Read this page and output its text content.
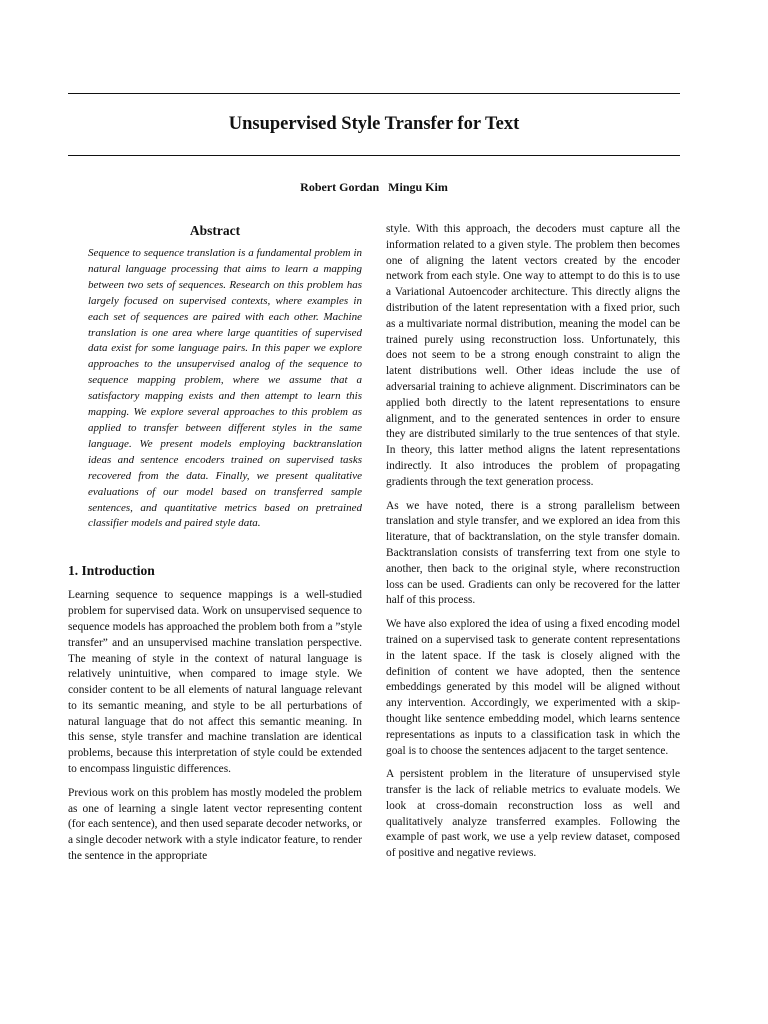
Unsupervised Style Transfer for Text
Robert Gordan Mingu Kim
Abstract

Sequence to sequence translation is a fundamental problem in natural language processing that aims to learn a mapping between two sets of sequences. Research on this problem has largely focused on supervised contexts, where examples in each set of sequences are paired with each other. Machine translation is one area where large quantities of supervised data exist for some language pairs. In this paper we explore approaches to the unsupervised analog of the sequence to sequence mapping problem, where we assume that a satisfactory mapping exists and then attempt to learn this mapping. We explore several approaches to this problem as applied to transfer between different styles in the same language. We present models employing backtranslation ideas and sentence encoders trained on supervised tasks recovered from the data. Finally, we present qualitative evaluations of our model based on transferred sample sentences, and quantitative metrics based on pretrained classifier models and paired style data.

1. Introduction

Learning sequence to sequence mappings is a well-studied problem for supervised data. Work on unsupervised sequence to sequence models has approached the problem both from a ”style transfer” and an unsupervised machine translation perspective. The meaning of style in the context of natural language is relatively unintuitive, when compared to image style. We consider content to be all elements of natural language relevant to its semantic meaning, and style to be all perturbations of natural language that do not affect this semantic meaning. In this sense, style transfer and machine translation are identical problems, because this interpretation of style could be extended to encompass linguistic differences.

Previous work on this problem has mostly modeled the problem as one of learning a single latent vector representing content (for each sentence), and then used separate decoder networks, or a single decoder network with a style indicator feature, to render the sentence in the appropriate

style. With this approach, the decoders must capture all the information related to a given style. The problem then becomes one of aligning the latent vectors created by the encoder network from each style. One way to attempt to do this is to use a Variational Autoencoder architecture. This directly aligns the distribution of the latent representation with a fixed prior, such as a multivariate normal distribution, meaning the model can be trained purely using reconstruction loss. Unfortunately, this does not seem to be a strong enough constraint to align the latent distributions well. Other ideas include the use of adversarial training to achieve alignment. Discriminators can be applied both directly to the latent representations to ensure alignment, and to the generated sentences in order to ensure they are distributed similarly to the true sentences of that style. In theory, this latter method aligns the latent representations indirectly. It also introduces the problem of propagating gradients through the text generation process.

As we have noted, there is a strong parallelism between translation and style transfer, and we explored an idea from this literature, that of backtranslation, on the style transfer domain. Backtranslation consists of transferring text from one style to another, then back to the original style, where reconstruction loss can be used. Gradients can only be recovered for the latter half of this process.

We have also explored the idea of using a fixed encoding model trained on a supervised task to generate content representations in the latent space. If the task is closely aligned with the definition of content we have adopted, then the sentence embeddings generated by this model will be aligned without any intervention. Accordingly, we experimented with a skip-thought like sentence embedding model, which learns sentence representations as inputs to a classification task in which the goal is to choose the sentences adjacent to the target sentence.

A persistent problem in the literature of unsupervised style transfer is the lack of reliable metrics to evaluate models. We look at cross-domain reconstruction loss as well and qualitatively analyze transferred examples. Following the example of past work, we use a yelp review dataset, composed of positive and negative reviews.
